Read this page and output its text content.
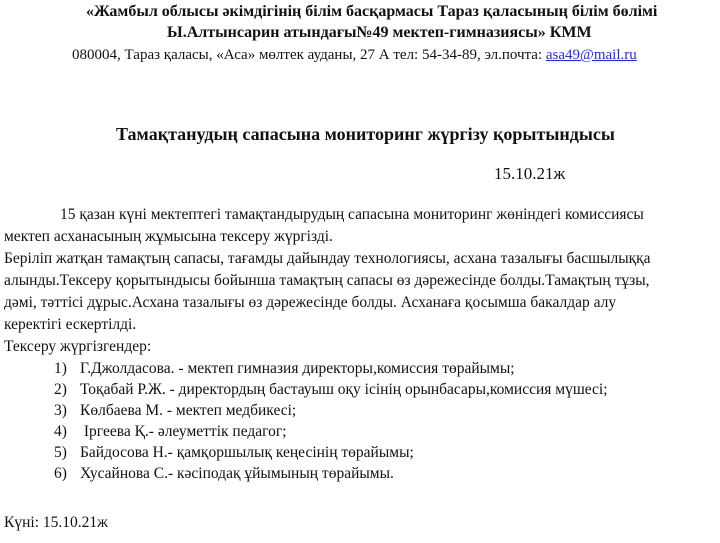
«Жамбыл облысы әкімдігінің білім басқармасы Тараз қаласының білім бөлімі
Ы.Алтынсарин атындағы№49 мектеп-гимназиясы» КММ
080004, Тараз қаласы, «Аса» мөлтек ауданы, 27 А тел: 54-34-89, эл.почта: asa49@mail.ru
Тамақтанудың сапасына мониторинг жүргізу қорытындысы
15.10.21ж
15 қазан күні мектептегі тамақтандырудың сапасына мониторинг жөніндегі комиссиясы
мектеп асханасының жұмысына тексеру жүргізді.
Беріліп жатқан тамақтың сапасы, тағамды дайындау технологиясы, асхана тазалығы басшылыққа
алынды.Тексеру қорытындысы бойынша тамақтың сапасы өз дәрежесінде болды.Тамақтың тұзы,
дәмі, тәттісі дұрыс.Асхана тазалығы өз дәрежесінде болды. Асханаға қосымша бакалдар алу
керектігі ескертілді.
Тексеру жүргізгендер:
1) Г.Джолдасова. - мектеп гимназия директоры,комиссия төрайымы;
2) Тоқабай Р.Ж. - директордың бастауыш оқу ісінің орынбасары,комиссия мүшесі;
3) Көлбаева М. - мектеп медбикесі;
4) Іргеева Қ.- әлеуметтік педагог;
5) Байдосова Н.- қамқоршылық кеңесінің төрайымы;
6) Хусайнова С.- кәсіподақ ұйымының төрайымы.
Күні: 15.10.21ж
